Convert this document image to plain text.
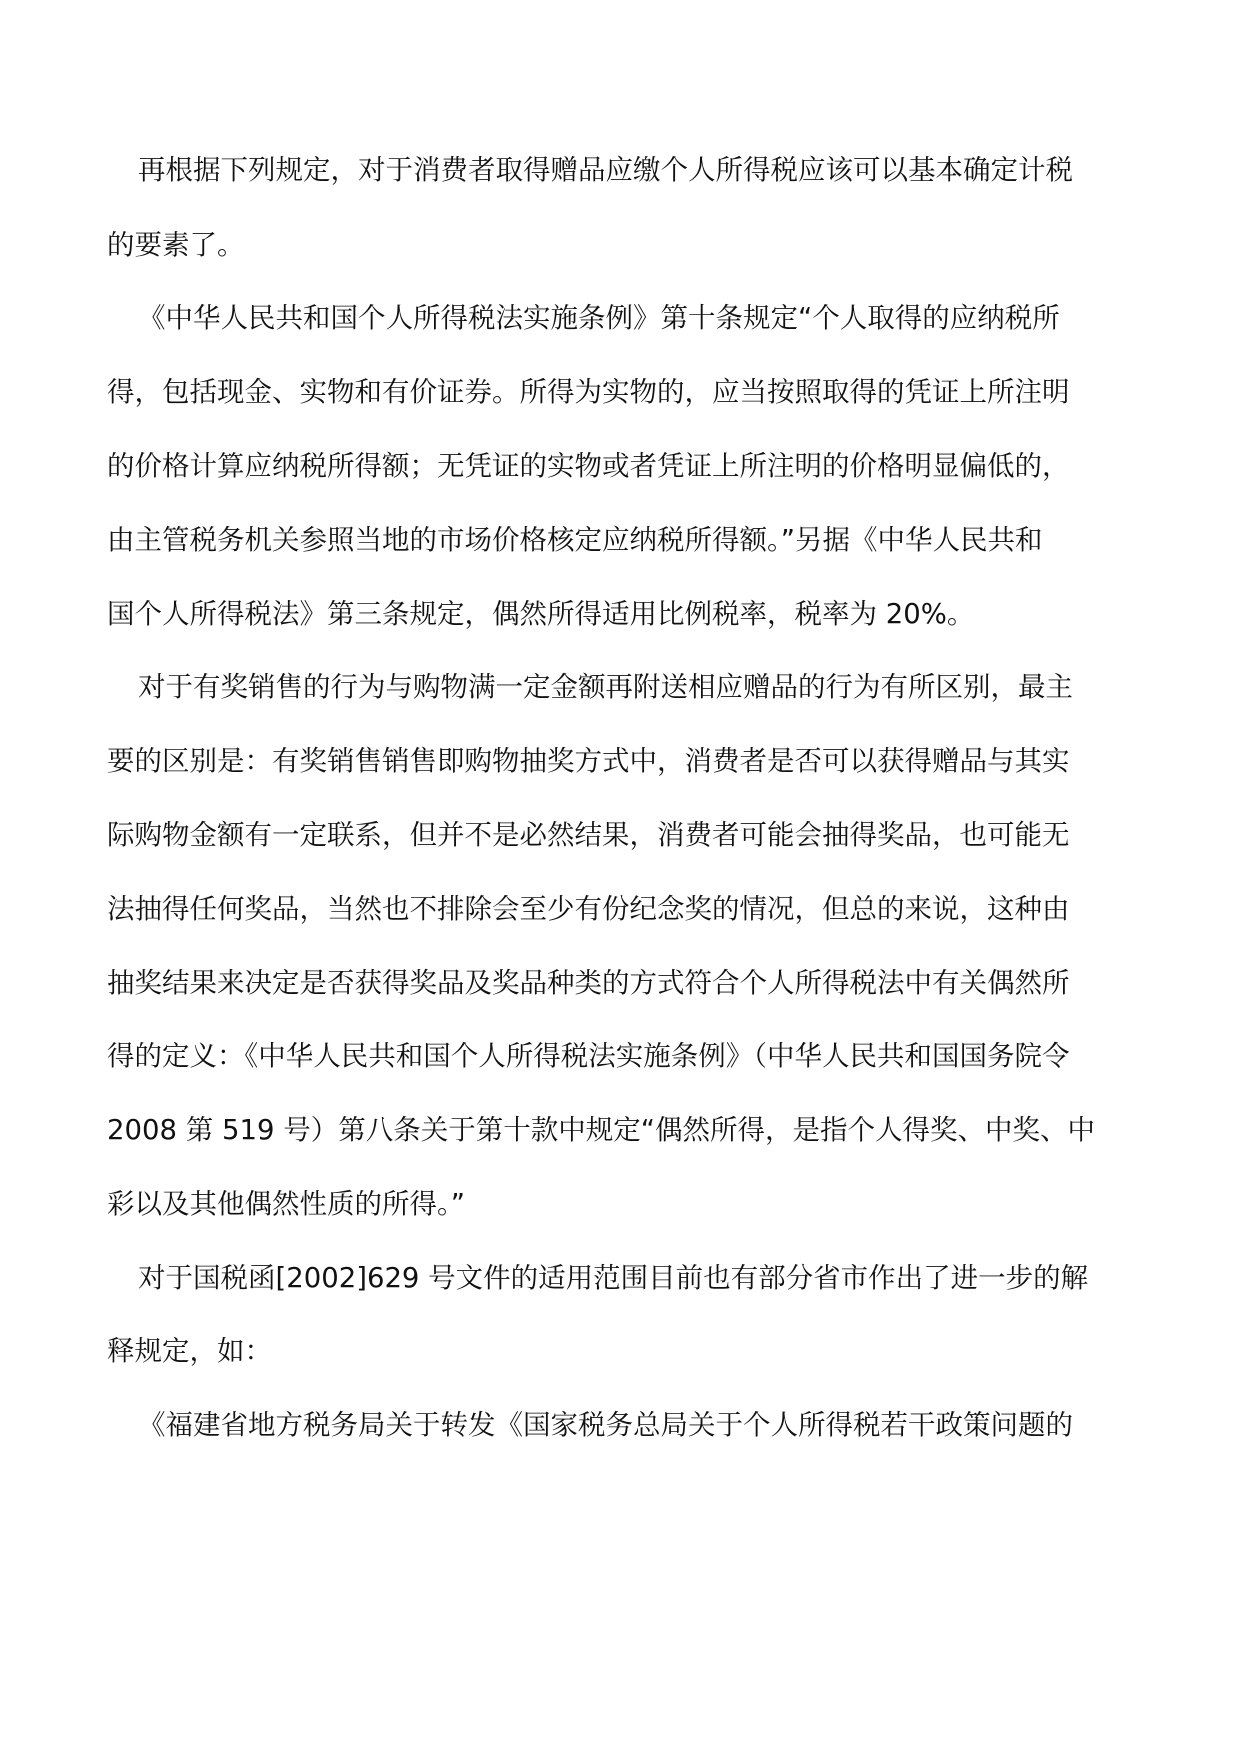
再根据下列规定，对于消费者取得赠品应缴个人所得税应该可以基本确定计税
的要素了。
《中华人民共和国个人所得税法实施条例》第十条规定“个人取得的应纳税所
得，包括现金、实物和有价证券。所得为实物的，应当按照取得的凭证上所注明
的价格计算应纳税所得额；无凭证的实物或者凭证上所注明的价格明显偏低的，
由主管税务机关参照当地的市场价格核定应纳税所得额。”另据《中华人民共和
国个人所得税法》第三条规定，偶然所得适用比例税率，税率为 20%。
对于有奖销售的行为与购物满一定金额再附送相应赠品的行为有所区别，最主
要的区别是：有奖销售销售即购物抽奖方式中，消费者是否可以获得赠品与其实
际购物金额有一定联系，但并不是必然结果，消费者可能会抽得奖品，也可能无
法抽得任何奖品，当然也不排除会至少有份纪念奖的情况，但总的来说，这种由
抽奖结果来决定是否获得奖品及奖品种类的方式符合个人所得税法中有关偶然所
得的定义：《中华人民共和国个人所得税法实施条例》（中华人民共和国国务院令
2008 第 519 号）第八条关于第十款中规定“偶然所得，是指个人得奖、中奖、中
彩以及其他偶然性质的所得。”
对于国税函[2002]629 号文件的适用范围目前也有部分省市作出了进一步的解
释规定，如：
《福建省地方税务局关于转发《国家税务总局关于个人所得税若干政策问题的
